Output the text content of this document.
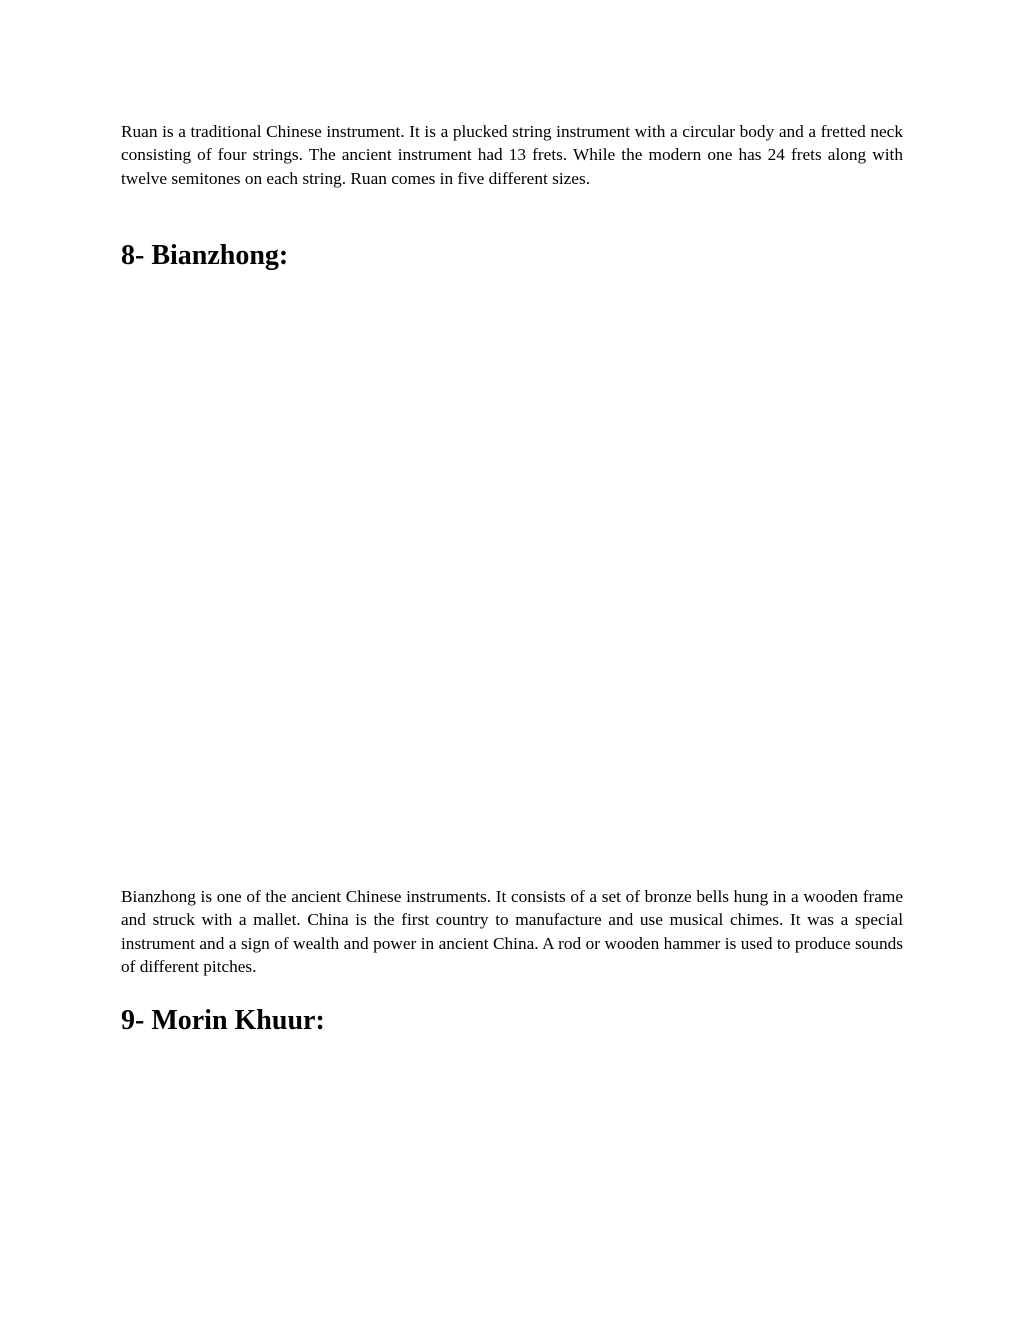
Ruan is a traditional Chinese instrument. It is a plucked string instrument with a circular body and a fretted neck consisting of four strings. The ancient instrument had 13 frets. While the modern one has 24 frets along with twelve semitones on each string. Ruan comes in five different sizes.

8- Bianzhong:

Bianzhong is one of the ancient Chinese instruments. It consists of a set of bronze bells hung in a wooden frame and struck with a mallet. China is the first country to manufacture and use musical chimes. It was a special instrument and a sign of wealth and power in ancient China. A rod or wooden hammer is used to produce sounds of different pitches.

9- Morin Khuur:
